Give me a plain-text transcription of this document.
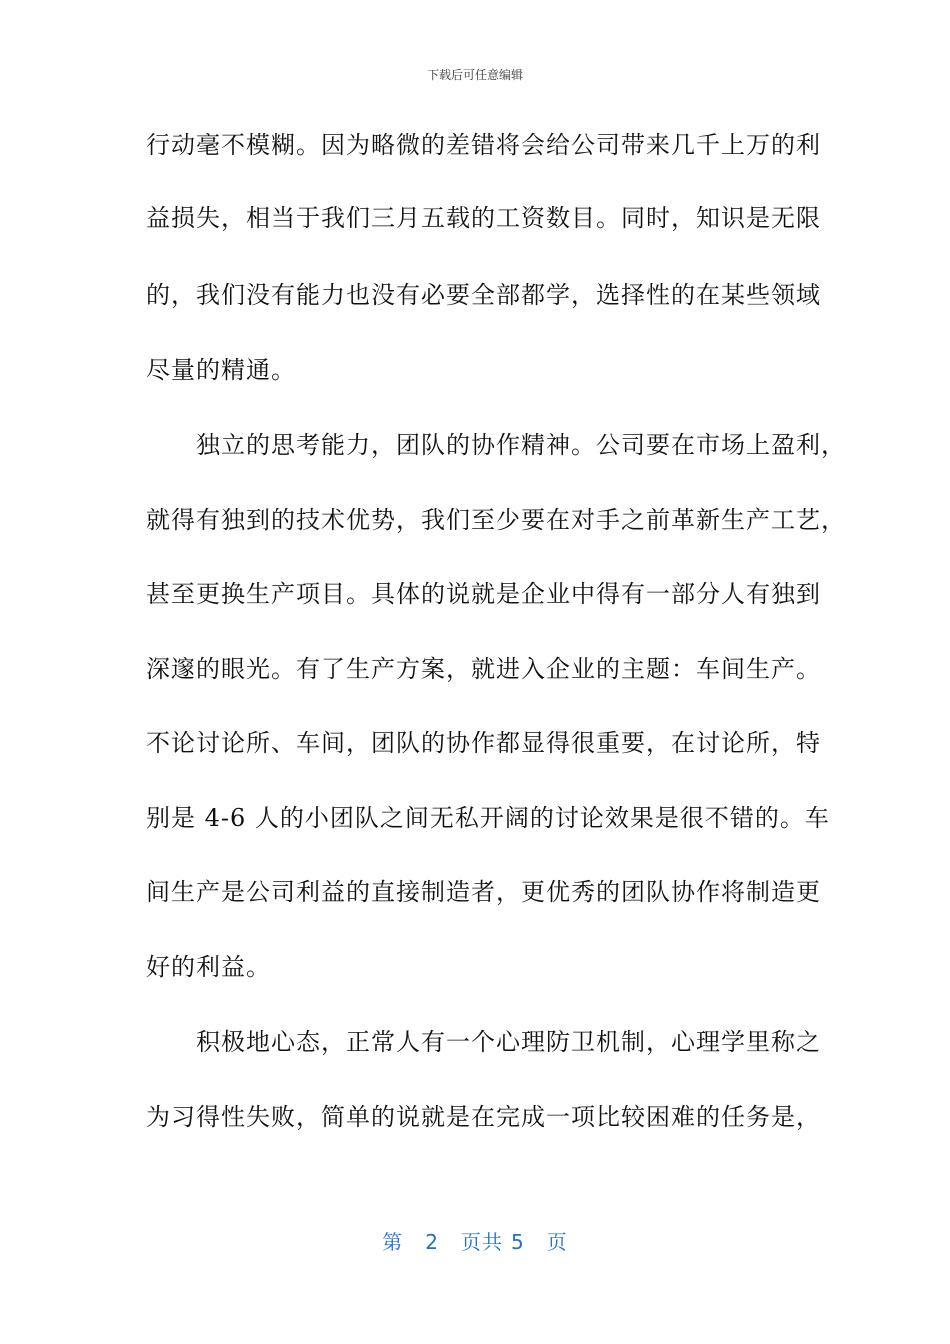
下载后可任意编辑
行动毫不模糊。因为略微的差错将会给公司带来几千上万的利
益损失，相当于我们三月五载的工资数目。同时，知识是无限
的，我们没有能力也没有必要全部都学，选择性的在某些领域
尽量的精通。
　　独立的思考能力，团队的协作精神。公司要在市场上盈利，
就得有独到的技术优势，我们至少要在对手之前革新生产工艺，
甚至更换生产项目。具体的说就是企业中得有一部分人有独到
深邃的眼光。有了生产方案，就进入企业的主题：车间生产。
不论讨论所、车间，团队的协作都显得很重要，在讨论所，特
别是 4-6 人的小团队之间无私开阔的讨论效果是很不错的。车
间生产是公司利益的直接制造者，更优秀的团队协作将制造更
好的利益。
　　积极地心态，正常人有一个心理防卫机制，心理学里称之
为习得性失败，简单的说就是在完成一项比较困难的任务是，
第 2 页共 5 页
